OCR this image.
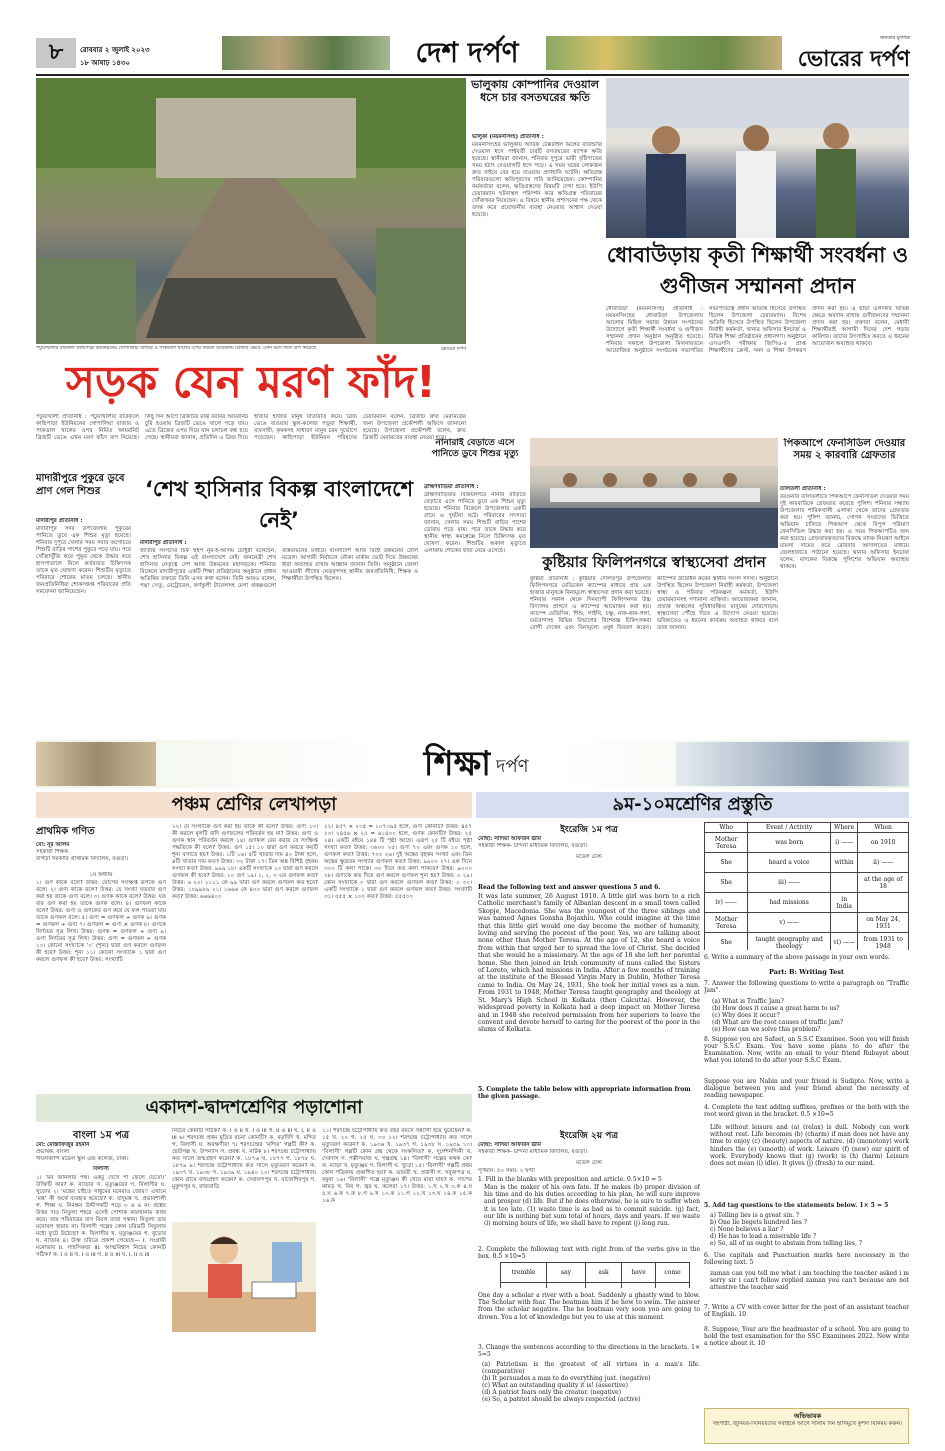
৮	রোববার ২ জুলাই ২০২৩
১৮ আষাঢ় ১৪৩০	দেশ দর্পণ	জনতার মুখপত্র
ভোরের দর্পণ
পটুয়াখালীর বাউফল কাছিপাড়া ইউনিয়নের গোপালিয়া বাজার ও পাকডাল খালের ওপর নির্মিত আয়রনিট ব্রিজটি ভেঙে এখন মরণ ফাঁদে রূপ নিয়েছে	ভোরের দর্পণ
সড়ক যেন মরণ ফাঁদ!
পটুয়াখালী প্রতিনিধি : পটুয়াখালীর বাউফলে কাছিপাড়া ইউনিয়নের গোপালিয়া বাজার ও পাকডাল খালের ওপর নির্মিত আয়রনিট ব্রিজটি ভেঙে এখন মরণ ফাঁদে রূপ নিয়েছে। কিছু দিন আগে ব্রিজটির মাঝ বরাবর আয়রনিট চুরি হওয়ায় ব্রিজটি ভেঙে খালে পড়ে যায়। এতে ব্রিজের ওপর দিয়ে যান চলাচল বন্ধ হয়ে গেছে। স্থানীয়রা জানান, প্রতিদিন এ ব্রিজ দিয়ে হাজার হাজার মানুষ যাতায়াত করে। ব্রিজ ভেঙে যাওয়ায় স্কুল-কলেজ পড়ুয়া শিক্ষার্থী, ব্যবসায়ী, কৃষকসহ সাধারণ মানুষ চরম দুর্ভোগে পড়েছেন। কাছিপাড়া ইউনিয়ন পরিষদের চেয়ারম্যান বলেন, ব্রিজটি দ্রুত মেরামতের জন্য উপজেলা প্রকৌশলী অফিসে জানানো হয়েছে। উপজেলা প্রকৌশলী বলেন, দ্রুত ব্রিজটি মেরামতের ব্যবস্থা নেওয়া হবে।
ভালুকায় কোম্পানির দেওয়াল ধসে চার বসতঘরের ক্ষতি
ভালুকা (ময়মনসিংহ) প্রতিনিধি :
ময়মনসিংহের ভালুকায় আরিফ টেক্সটাইল মিলের বাউন্ডারি দেওয়াল ধসে পার্শ্ববর্তী চারটি বসতঘরের ব্যাপক ক্ষতি হয়েছে। স্থানীয়রা জানান, শনিবার দুপুরে ভারী বৃষ্টিপাতের সময় হঠাৎ দেওয়ালটি ধসে পড়ে। এ সময় ঘরের লোকজন দ্রুত বাইরে বের হয়ে যাওয়ায় প্রাণহানি ঘটেনি। ক্ষতিগ্রস্ত পরিবারগুলো ক্ষতিপূরণের দাবি জানিয়েছেন। কোম্পানির কর্মকর্তারা বলেন, ক্ষতিগ্রস্তদের বিষয়টি দেখা হবে। ইউপি চেয়ারম্যান ঘটনাস্থল পরিদর্শন করে ক্ষতিগ্রস্ত পরিবারের খোঁজখবর নিয়েছেন। এ বিষয়ে স্থানীয় প্রশাসনের পক্ষ থেকে তদন্ত করে প্রয়োজনীয় ব্যবস্থা নেওয়ার আশ্বাস দেওয়া হয়েছে।
ধোবাউড়ায় কৃতী শিক্ষার্থী সংবর্ধনা ও গুণীজন সম্মাননা প্রদান
ধোবাউড়া (ময়মনসিংহ) প্রতিনিধি : ময়মনসিংহের ধোবাউড়া উপজেলায় আলোর মিছিল সমাজ উন্নয়ন সংগঠনের উদ্যোগে কৃতী শিক্ষার্থী সংবর্ধনা ও গুণীজন সম্মাননা প্রদান অনুষ্ঠান অনুষ্ঠিত হয়েছে। শনিবার সকালে উপজেলা মিলনায়তনে আয়োজিত অনুষ্ঠানে সংগঠনের সভাপতির সভাপতিত্বে প্রধান অতিথি হিসেবে উপস্থিত ছিলেন উপজেলা চেয়ারম্যান। বিশেষ অতিথি হিসেবে উপস্থিত ছিলেন উপজেলা নির্বাহী কর্মকর্তা, থানার অফিসার ইনচার্জ ও বিভিন্ন শিক্ষা প্রতিষ্ঠানের প্রধানগণ। অনুষ্ঠানে এসএসসি পরীক্ষায় জিপিএ-৫ প্রাপ্ত শিক্ষার্থীদের ক্রেস্ট, সনদ ও শিক্ষা উপকরণ প্রদান করা হয়। এ ছাড়া এলাকার বিভিন্ন ক্ষেত্রে অবদান রাখায় গুণীজনদের সম্মাননা প্রদান করা হয়। বক্তারা বলেন, মেধাবী শিক্ষার্থীরাই আগামী দিনের দেশ গড়ার কারিগর। তাদের উৎসাহিত করতে এ ধরনের আয়োজন অব্যাহত থাকবে।
পিকআপে ফেনসিডিল দেওয়ার সময় ২ কারবারি গ্রেফতার
তালতলী প্রতিনিধি :
বরগুনার তালতলীতে পিকআপে ফেনসিডিল দেওয়ার সময় দুই কারবারিকে গ্রেফতার করেছে পুলিশ। শনিবার সন্ধ্যায় উপজেলার শারিকখালী এলাকা থেকে তাদের গ্রেফতার করা হয়। পুলিশ জানায়, গোপন সংবাদের ভিত্তিতে অভিযান চালিয়ে পিকআপ থেকে বিপুল পরিমাণ ফেনসিডিল উদ্ধার করা হয়। এ সময় পিকআপটিও জব্দ করা হয়েছে। গ্রেফতারকৃতদের বিরুদ্ধে মাদক নিয়ন্ত্রণ আইনে মামলা দায়ের করে রোববার আদালতের মাধ্যমে জেলহাজতে পাঠানো হয়েছে। থানার অফিসার ইনচার্জ বলেন, মাদকের বিরুদ্ধে পুলিশের অভিযান অব্যাহত থাকবে।
মাদারীপুরে পুকুরে ডুবে প্রাণ গেল শিশুর
মাদারীপুর প্রতিনিধি :
মাদারীপুর সদর উপজেলায় পুকুরের পানিতে ডুবে এক শিশুর মৃত্যু হয়েছে। শনিবার দুপুরে খেলার সময় সবার অগোচরে শিশুটি বাড়ির পাশের পুকুরে পড়ে যায়। পরে খোঁজাখুঁজি করে পুকুর থেকে উদ্ধার করে হাসপাতালে নিলে কর্তব্যরত চিকিৎসক তাকে মৃত ঘোষণা করেন। শিশুটির মৃত্যুতে পরিবারে শোকের মাতম চলছে। স্থানীয় জনপ্রতিনিধিরা শোকসন্তপ্ত পরিবারের প্রতি সমবেদনা জানিয়েছেন।
‘শেখ হাসিনার বিকল্প বাংলাদেশে নেই’
মাদারীপুর প্রতিনিধি :
জাতীয় সংসদের চিফ হুইপ নূর-ই-আলম চৌধুরী বলেছেন, শেখ হাসিনার বিকল্প এই বাংলাদেশে নেই। জননেত্রী শেখ হাসিনার নেতৃত্বে দেশ আজ উন্নয়নের মহাসড়কে। শনিবার বিকেলে মাদারীপুরের একটি শিক্ষা প্রতিষ্ঠানের অনুষ্ঠানে প্রধান অতিথির বক্তব্যে তিনি এসব কথা বলেন। তিনি আরও বলেন, পদ্মা সেতু, মেট্রোরেল, কর্ণফুলী টানেলসহ মেগা প্রকল্পগুলো বাস্তবায়নের মাধ্যমে বাংলাদেশ আজ বিশ্বে উন্নয়নের রোল মডেল। আগামী নির্বাচনে নৌকা মার্কায় ভোট দিয়ে উন্নয়নের ধারা অব্যাহত রাখার আহ্বান জানান তিনি। অনুষ্ঠানে জেলা আওয়ামী লীগের নেতৃবৃন্দসহ স্থানীয় জনপ্রতিনিধি, শিক্ষক ও শিক্ষার্থীরা উপস্থিত ছিলেন।
নানারাই বেড়াতে এসে পানিতে ডুবে শিশুর মৃত্যু
ব্রাহ্মণবাড়িয়া প্রতিনিধি :
ব্রাহ্মণবাড়িয়ার বিজয়নগরে নানার বাড়িতে বেড়াতে এসে পানিতে ডুবে এক শিশুর মৃত্যু হয়েছে। শনিবার বিকেলে উপজেলার একটি গ্রামে এ দুর্ঘটনা ঘটে। পরিবারের সদস্যরা জানান, খেলার সময় শিশুটি বাড়ির পাশের ডোবায় পড়ে যায়। পরে তাকে উদ্ধার করে স্থানীয় স্বাস্থ্য কমপ্লেক্সে নিলে চিকিৎসক মৃত ঘোষণা করেন। শিশুটির অকাল মৃত্যুতে এলাকায় শোকের ছায়া নেমে এসেছে।
কুষ্টিয়ার ফিলিপনগরে স্বাস্থ্যসেবা প্রদান
কুষ্টিয়া প্রতিনিধি : কুষ্টিয়ার দৌলতপুর উপজেলার ফিলিপনগরে মেডিকেল ক্যাম্পের মাধ্যমে প্রায় এক হাজার মানুষকে বিনামূল্যে স্বাস্থ্যসেবা প্রদান করা হয়েছে। শনিবার সকাল থেকে দিনব্যাপী ফিলিপনগর উচ্চ বিদ্যালয় প্রাঙ্গণে এ ক্যাম্পের আয়োজন করা হয়। ক্যাম্পে মেডিসিন, শিশু, গাইনি, চক্ষু, নাক-কান-গলা, চর্মরোগসহ বিভিন্ন বিভাগের বিশেষজ্ঞ চিকিৎসকরা রোগী দেখেন এবং বিনামূল্যে ওষুধ বিতরণ করেন। ক্যাম্পের উদ্বোধন করেন স্থানীয় সংসদ সদস্য। অনুষ্ঠানে উপস্থিত ছিলেন উপজেলা নির্বাহী কর্মকর্তা, উপজেলা স্বাস্থ্য ও পরিবার পরিকল্পনা কর্মকর্তা, ইউপি চেয়ারম্যানসহ গণ্যমান্য ব্যক্তিরা। আয়োজকরা জানান, প্রত্যন্ত অঞ্চলের সুবিধাবঞ্চিত মানুষের দোরগোড়ায় স্বাস্থ্যসেবা পৌঁছে দিতে এ উদ্যোগ নেওয়া হয়েছে। ভবিষ্যতেও এ ধরনের কার্যক্রম অব্যাহত থাকবে বলে তারা জানান।
শিক্ষা দর্পণ
পঞ্চম শ্রেণির লেখাপড়া
প্রাথমিক গণিত
মো: নূর আলম
সহকারী শিক্ষক
বাগড়া সরকারি প্রাথমিক বিদ্যালয়, বগুড়া।
১ম অধ্যায়
১। গুণ কাকে বলে? উত্তর: যোগের সংক্ষিপ্ত রূপকে গুণ বলে। ২। গুণ্য কাকে বলে? উত্তর: যে সংখ্যা যতবার গুণ করা হয় তাকে গুণ্য বলে। ৩। গুণক কাকে বলে? উত্তর: যত বার গুণ করা হয় তাকে গুণক বলে। ৪। গুণফল কাকে বলে? উত্তর: গুণ্য ও গুণকের গুণ করে যে ফল পাওয়া যায় তাকে গুণফল বলে। ৫। গুণ্য = গুণফল ÷ গুণক ৬। গুণক = গুণফল ÷ গুণ্য ৭। গুণফল = গুণ্য × গুণক ৮। গুণকে নির্ণয়ের সূত্র লিখ। উত্তর: গুণক = গুণফল ÷ গুণ্য ৯। গুণ্য নির্ণয়ের সূত্র লিখ। উত্তর: গুণ্য = গুণফল ÷ গুণক ১০। কোনো সংখ্যাকে ‘০’ (শূন্য) দ্বারা গুণ করলে গুণফল কী হবে? উত্তর: শূন্য ১১। কোনো সংখ্যাকে ১ দ্বারা গুণ করলে গুণফল কী হবে? উত্তর: সংখ্যাটি
১২। যে সংখ্যাকে গুণ করা হয় তাকে কী বলে? উত্তর: গুণ্য ১৩। কী করলে মূলটি বাদি গুণফলের পরিবর্তন হয় না? উত্তর: গুণ্য ও গুণক স্থান পরিবর্তন করলে ১৪। গুণফল বের করার যে সংক্ষিপ্ত পদ্ধতিকে কী বলে? উত্তর: গুণ ১৫। ১০ দ্বারা গুণ করতে কয়টি শূন্য বসাতে হয়? উত্তর: ১টি ১৬। ৫টি খাতার দাম ৪০ টাকা হলে, ৪টি খাতার দাম কত? উত্তর: ৩২ টাকা ১৭। তিন অঙ্ক বিশিষ্ট বৃহত্তম সংখ্যা কত? উত্তর: ৯৯৯ ১৮। একটি সংখ্যাকে ১০ দ্বারা গুণ করলে গুণফল কী হবে? উত্তর: ১০ গুণ ১৯। ১, ২, ৩ এর গুণফল কত? উত্তর: ৬ ২০। ১১১১ কে ৯৯ দ্বারা গুণ করলে গুণফল কত হবে? উত্তর: ১০৯৯৮৯ ২১। ১৬৬৬ কে ৪০০ দ্বারা গুণ করলে গুণফল কত? উত্তর: ৬৬৬৪০০
২২। ৪৫৭ × ২৩৫ = ১০৭৩৯৫ হলে, গুণ্য কোনটি? উত্তর: ৪৫৭ ২৩। ২৪৫৬ × ২৫ = ৬১৪০০ হলে, গুণক কোনটি? উত্তর: ২৫ ২৪। একটি বইয়ে ১৪৪ টি পৃষ্ঠা আছে। এরূপ ২৫ টি বইয়ে পৃষ্ঠা সংখ্যা কত? উত্তর: ৩৬০০ ২৫। গুণ্য ৭০ এবং গুণক ১০ হলে, গুণফল কত? উত্তর: ৭০০ ২৬। দুই অঙ্কের বৃহত্তম সংখ্যা এবং তিন অঙ্কের ক্ষুদ্রতম সংখ্যার গুণফল কত? উত্তর: ৯৯০০ ২৭। এক দিনে ৩০০ টি কলা পাকে। ৩০ দিনে কত কলা পাকবে? উত্তর: ৯০০০ ২৮। গুণ্যকে কত দিয়ে গুণ করলে গুণফল শূন্য হয়? উত্তর: ০ ২৯। কোন সংখ্যাকে ০ দ্বারা গুণ করলে গুণফল কত? উত্তর: ০ ৩০। একটি সংখ্যাকে ১ দ্বারা গুণ করলে গুণফল কত? উত্তর: সংখ্যাটি ৩১। ৫৫৫ × ১০০ কত? উত্তর: ৫৫৫০০
৯ম-১০মশ্রেণির প্রস্তুতি
ইংরেজি ১ম পত্র
মোছা: সাদিয়া আফরিন ঊর্মি
সহকারী শিক্ষক- চান্দনা মাধ্যমিক বিদ্যালয়, বগুড়া।
মডেল টেস্ট
Read the following text and answer questions 5 and 6.
It was late summer, 26 August 1910. A little girl was born to a rich Catholic merchant's family of Albanian descent in a small town called Skopje, Macedonia. She was the youngest of the three siblings and was named Agnes Gonxha Bojaxhiu. Who could imagine at the time that this little girl would one day become the mother of humanity, loving and serving the poorest of the poor. Yes, we are talking about none other than Mother Teresa. At the age of 12, she heard a voice from within that urged her to spread the love of Christ. She decided that she would be a missionary. At the age of 18 she left her parental home. She then joined an Irish community of nuns called the Sisters of Loreto, which had missions in India. After a few months of training at the institute of the Blessed Virgin Mary in Dublin, Mother Teresa came to India. On May 24, 1931, She took her initial vows as a nun. From 1931 to 1948, Mother Teresa taught geography and theology at St. Mary's High School in Kolkata (then Calcutta). However, the widespread poverty in Kolkata had a deep impact on Mother Teresa and in 1948 she received permission from her superiors to leave the convent and devote herself to caring for the poorest of the poor in the slums of Kolkata.
5. Complete the table below with appropriate information from the given passage.
Who	Event / Activity	Where	When
Mother Teresa	was born	i) ——	on 1910
She	heard a voice	within	ii) ——
She	iii) ——		at the age of 18
iv) ——	had missions	in India	
Mother Teresa	v) ——		on May 24, 1931
She	taught geography and theology	vi) ——	from 1931 to 1948
6. Write a summary of the above passage in your own words.
Part: B: Writing Test
7. Answer the following questions to write a paragraph on "Traffic Jam".
(a) What is Traffic Jam?
(b) How does it cause a great harm to us?
(c) Why does it occur?
(d) What are the root causes of traffic jam?
(e) How can we solve this problem?
8. Suppose you are Safaet, an S.S.C Examinee. Soon you will finish your S.S.C Exam. You have some plans to do after the Examination. Now, write an email to your friend Rubayet about what you intend to do after your S.S.C Exam.
Suppose you are Nabin and your friend is Sudipto. Now, write a dialogue between you and your friend about the necessity of reading newspaper.
একাদশ-দ্বাদশশ্রেণির পড়াশোনা
বাংলা ১ম পত্র
মো: মোস্তাফিজুর রহমান
প্রভাষক, বাংলা
দীঘলকান্দি মডেল স্কুল এন্ড কলেজ, ঢাকা।
বিলাসী
১। ‘মন জানলার পথ। একটু দেখে পা ফেলে যেতো।’ উক্তিটি কার? ক. ন্যাড়ার খ. মৃত্যুঞ্জয়ের গ. বিলাসীর ঘ. খুড়োর ২। ‘মন্ত্রের চাইতে সাধুমের মনেরাও জোর।’ এখানে ‘মন্ত্র’ কী অর্থে ব্যবহৃত হয়েছে? ক. যাদুমন্ত্র খ. প্রভাবশালী গ. শিক্ষা ঘ. নিবন্ধন উদ্দীপকটি পড়ে ৩ ও ৪ নং প্রশ্নের উত্তর দাও নিতুলা শহরে এসেই পোশাক কারখানায় কাজ করে। তার পরিবারের বাস বিরল তারা সন্তান। নিতুলা তার মনোবল হারায় না। বিলাসী গল্পের কোন চরিত্রটি নিতুলার মধ্যে ফুটে উঠেছে? ক. বিলাসীর খ. মৃত্যুঞ্জয়ের গ. বুড়োর ঘ. ন্যাড়ার ৪। উক্ত চরিত্রে প্রকাশ পেয়েছে— i. সংগ্রামী মনোভাব ii. সাহসিকতা iii. আত্মবিশ্বাস নিচের কোনটি সঠিক? ক. i ও ii খ. i ও iii গ. ii ও iii ঘ. i, ii ও iii
নিচের কোনটি সঠিক? ক. i ও ii খ. i ও iii গ. ii ও iii ঘ. i, ii ও iii ৬। শরৎচন্দ্র প্রথম মুদ্রিত রচনা কোনটি? ক. বড়দিদি খ. মন্দির গ. বিলাসী ঘ. অরক্ষণীয়া ৭। শরৎচন্দ্রের ‘মন্দির’ গল্পটি কী? ক. ছোটগল্প খ. উপন্যাস গ. প্রবন্ধ ঘ. নাটক ৮। শরৎচন্দ্র চট্টোপাধ্যায় কত সালে জন্মগ্রহণ করেন? ক. ১৮৭৬ খ. ১৮৭৭ গ. ১৮৭৮ ঘ. ১৮৭৯ ৯। শরৎচন্দ্র চট্টোপাধ্যায় কত সালে মৃত্যুবরণ করেন? ক. ১৯৩৭ খ. ১৯৩৮ গ. ১৯৩৯ ঘ. ১৯৪০ ১০। শরৎচন্দ্র চট্টোপাধ্যায় কোন গ্রামে জন্মগ্রহণ করেন? ক. দেবানন্দপুর খ. বাজেশিবপুর গ. মুকুন্দপুর ঘ. রাজবাড়ি
১১। শরৎচন্দ্র চট্টোপাধ্যায় কত বছর বয়সে সন্ন্যাসী হয়ে ঘুরেছেন? ক. ১৫ খ. ২০ গ. ২৫ ঘ. ৩০ ১২। শরৎচন্দ্র চট্টোপাধ্যায় কত সালে মৃত্যুবরণ করেন? ক. ১৯৩৬ খ. ১৯৩৭ গ. ১৯৩৮ ঘ. ১৯৩৯ ১৩। ‘বিলাসী’ গল্পটি কোন গ্রন্থ থেকে সংকলিত? ক. দুর্গেশনন্দিনী খ. দেবদাস গ. পল্লীসমাজ ঘ. গল্পগ্রন্থ ১৪। ‘বিলাসী’ গল্পের কথক কে? ক. ন্যাড়া খ. মৃত্যুঞ্জয় গ. বিলাসী ঘ. খুড়ো ১৫। ‘বিলাসী’ গল্পটি প্রথম কোন পত্রিকায় প্রকাশিত হয়? ক. ভারতী খ. প্রবাসী গ. সবুজপত্র ঘ. যমুনা ১৬। ‘বিলাসী’ গল্পে মৃত্যুঞ্জয় কী খেয়ে মারা যায়? ক. সাপের কামড় খ. বিষ গ. জ্বর ঘ. কলেরা ১৭। উত্তর: ১.খ ২.খ ৩.ক ৪.ঘ ৫.ঘ ৬.ক ৭.ক ৮.গ ৯.খ ১০.ক ১১.গ ১২.খ ১৩.ঘ ১৪.ক ১৫.ক ১৬.ক
ইংরেজি ২য় পত্র
মোছা: সাদিয়া আফরিন ঊর্মি
সহকারী শিক্ষক- চান্দনা মাধ্যমিক বিদ্যালয়, বগুড়া।
মডেল টেস্ট
পূর্ণমান: ৫০ সময়: ২ ঘণ্টা
1. Fill in the blanks with preposition and article. 0.5×10 = 5
Man is the maker of his own fate. If he makes (b) proper division of his time and do his duties according to his plan, he will sure improve and prosper (d) life. But if he does otherwise, he is sure to suffer when it is too late. (1) waste time is as bad as to commit suicide. (g) fact, our life is nothing but sum total of hours, days and years. If we waste (i) morning hours of life, we shall have to repent (j) long run.
2. Complete the following text with right from of the verbs give in the box. 0.5 ×10=5
tremble	say	ask	have	come

One day a scholar a river with a boat. Suddenly a ghastly wind to blow. The Scholar with fear. The boatman him if he how to swim. The answer from the scholar negative. The he boatman very soon you are going to drown. You a lot of knowledge but you to use at this moment.
3. Change the sentences according to the directions in the brackets. 1× 5=5
(a) Patriotism is the greatest of all virtues in a man's life. (comparative)
(b) It persuades a man to do everything just. (negative)
(c) What an outstanding quality it is! (assertive)
(d) A patriot fears only the creator. (negative)
(e) So, a patriot should be always respected (active)
4. Complete the text adding suffixes, prefixes or the both with the root word given in the bracket. 0.5 ×10=5
Life without leisure and (a) (relax) is dull. Nobody can work without rest. Life becomes (b) (charm) if man does not have any time to enjoy (c) (beauty) aspects of nature. (d) (monotony) work hinders the (e) (smooth) of work. Leisure (f) (new) our spirit of work. Everybody knows that (g) (work) is (h) (harm) Leisure does not mean (i) idle). It gives (j) (fresh) to our mind.
5. Add tag questions to the statements below. 1× 5 = 5
a) Telling lies is a great sin. ?
b) One lie begets hundred lies ?
c) None believes a liar ?
d) He has to lead a miserable life ?
e) So, all of us ought to abstain from telling lies, ?
6. Use capitals and Punctuation marks here necessary in the following text. 5
zaman can you tell me what i am teaching the teacher asked i m sorry sir i can't follow replied zaman you can't because are not attentive the teacher said
7. Write a CV with cover letter for the post of an assistant teacher of English. 10
8. Suppose, Your are the headmaster of a school. You are going to hold the test examination for the SSC Examinees 2022. Now write a notice about it. 10
অভিভাবক
সহপাঠী, জুনিয়র-সিনিয়রদের সবাইকে আগে সালাম দিন হাসিমুখে কুশল বিনিময় করুন।
